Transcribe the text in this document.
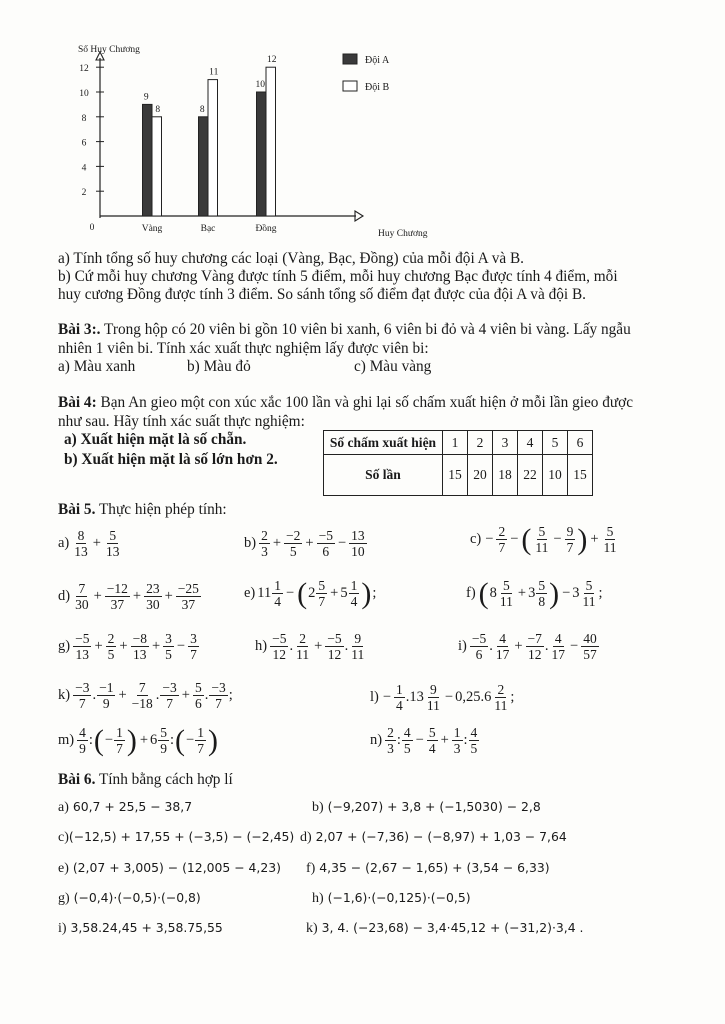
Số Huy Chương
Huy Chương
0
2
4
6
8
10
12
9
8	8
11
10
12
Vàng	Bạc	Đồng
Đội A
Đội B
a) Tính tổng số huy chương các loại (Vàng, Bạc, Đồng) của mỗi đội A và B.
b) Cứ mỗi huy chương Vàng được tính 5 điểm, mỗi huy chương Bạc được tính 4 điểm, mỗi
huy cương Đồng được tính 3 điểm. So sánh tổng số điểm đạt được của đội A và đội B.
Bài 3:. Trong hộp có 20 viên bi gồn 10 viên bi xanh, 6 viên bi đỏ và 4 viên bi vàng. Lấy ngẫu
nhiên 1 viên bi. Tính xác xuất thực nghiệm lấy được viên bi:
a) Màu xanh	b) Màu đỏ	c) Màu vàng
Bài 4: Bạn An gieo một con xúc xắc 100 lần và ghi lại số chấm xuất hiện ở mỗi lần gieo được
như sau. Hãy tính xác suất thực nghiệm:
a) Xuất hiện mặt là số chẵn.
b) Xuất hiện mặt là số lớn hơn 2.
Số chấm xuất hiện	1	2	3	4	5	6
Số lần	15	20	18	22	10	15
Bài 5. Thực hiện phép tính:
$a) \frac{8}{13} + \frac{5}{13}$	$b) \frac{2}{3} + \frac{-2}{5} + \frac{-5}{6} - \frac{13}{10}$	$c) - \frac{2}{7}$ − ( $\frac{5}{11} - \frac{9}{7}$ ) + $\frac{5}{11}$
$d) \frac{7}{30} + \frac{-12}{37} + \frac{23}{30} + \frac{-25}{37}$	e) $11 \frac{1}{4}$ − ( $2 \frac{5}{7} + 5 \frac{1}{4}$ ) ;	f) ( $8 \frac{5}{11} + 3 \frac{5}{8}$ ) − $3 \frac{5}{11}$ ;
$g) \frac{-5}{13} + \frac{2}{5} + \frac{-8}{13} + \frac{3}{5} - \frac{3}{7}$	$h) \frac{-5}{12}$ . $\frac{2}{11} + \frac{-5}{12}$ . $\frac{9}{11}$	$i) \frac{-5}{6}$ . $\frac{4}{17} + \frac{-7}{12}$ . $\frac{4}{17} - \frac{40}{57}$
$k) \frac{-3}{7}$ . $\frac{-1}{9} + \frac{7}{-18}$ . $\frac{-3}{7} + \frac{5}{6}$ . $\frac{-3}{7}$ ;	$l) - \frac{1}{4} .13 \frac{9}{11} - 0,25.6 \frac{2}{11}$ ;
$m) \frac{4}{9}$ : ( − $\frac{1}{7}$ ) + $6 \frac{5}{9}$ : ( − $\frac{1}{7}$ )	$n) \frac{2}{3}$ : $\frac{4}{5} - \frac{5}{4} + \frac{1}{3}$ : $\frac{4}{5}$
Bài 6. Tính bằng cách hợp lí
a) 60,7 + 25,5 − 38,7	b) (−9,207) + 3,8 + (−1,5030) − 2,8
c)(−12,5) + 17,55 + (−3,5) − (−2,45) d) 2,07 + (−7,36) − (−8,97) + 1,03 − 7,64
e) (2,07 + 3,005) − (12,005 − 4,23) f) 4,35 − (2,67 − 1,65) + (3,54 − 6,33)
g) (−0,4)·(−0,5)·(−0,8)	h) (−1,6)·(−0,125)·(−0,5)
i) 3,58.24,45 + 3,58.75,55	k) 3, 4. (−23,68) − 3,4·45,12 + (−31,2)·3,4 .
